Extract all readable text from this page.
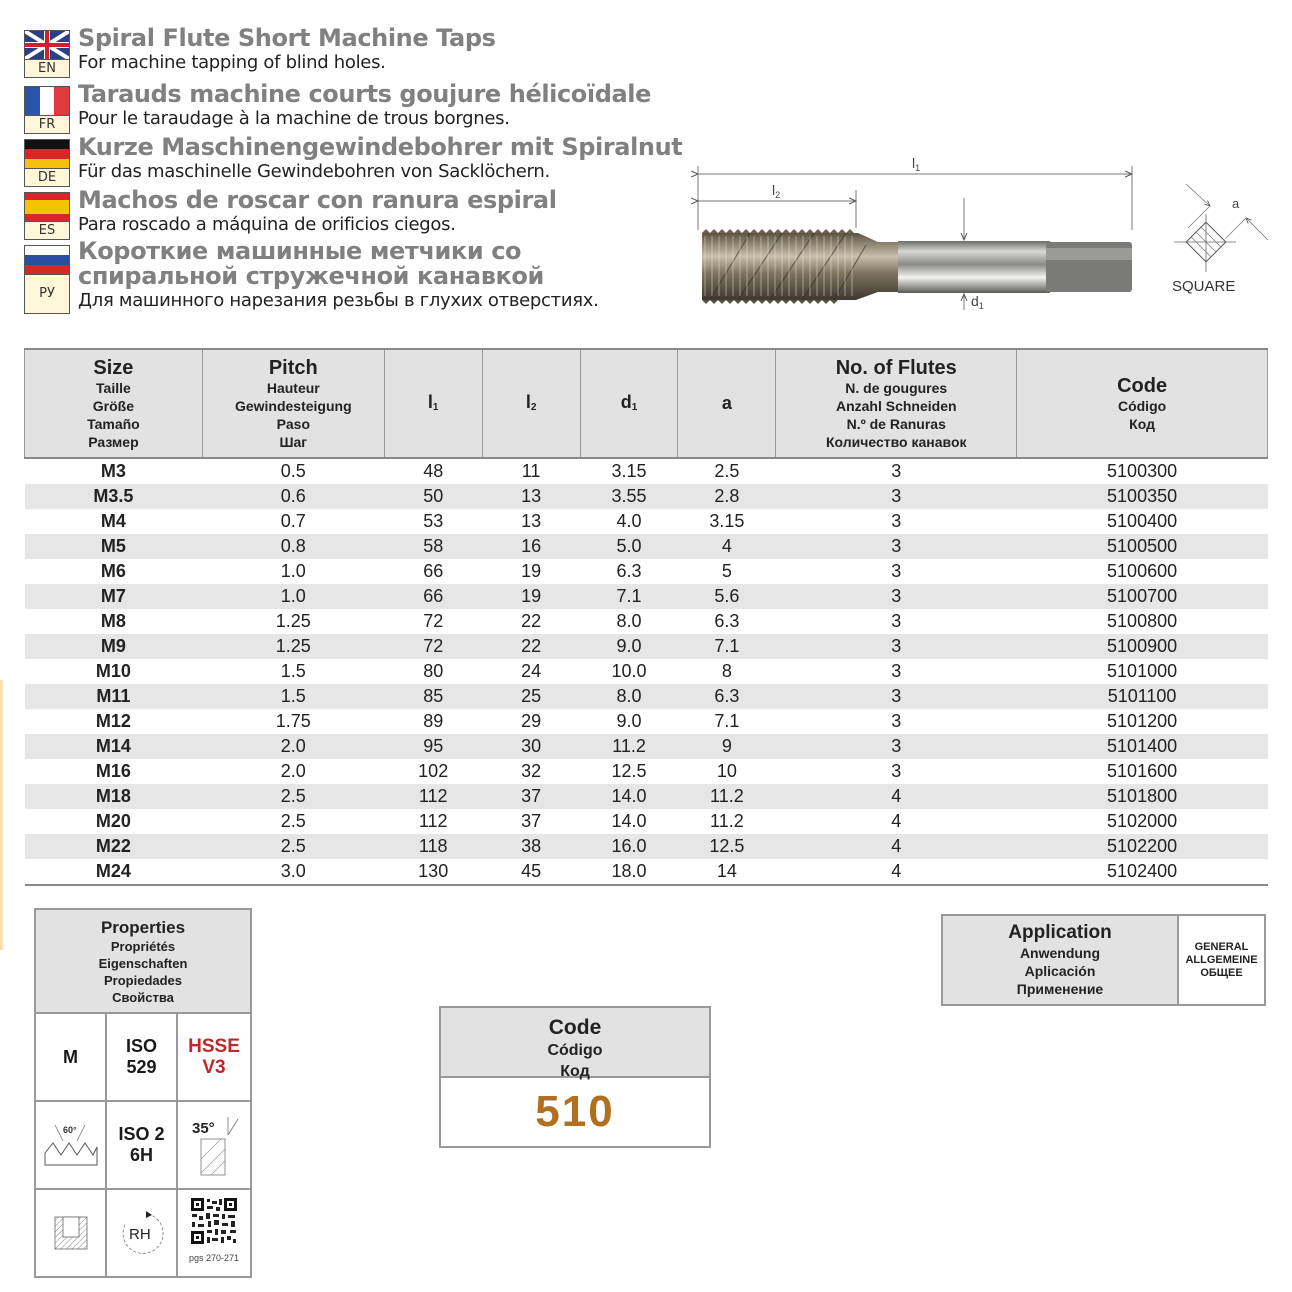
EN
Spiral Flute Short Machine Taps
For machine tapping of blind holes.
FR
Tarauds machine courts goujure hélicoïdale
Pour le taraudage à la machine de trous borgnes.
DE
Kurze Maschinengewindebohrer mit Spiralnut
Für das maschinelle Gewindebohren von Sacklöchern.
ES
Machos de roscar con ranura espiral
Para roscado a máquina de orificios ciegos.
РУ
Короткие машинные метчики со
спиральной стружечной канавкой
Для машинного нарезания резьбы в глухих отверстиях.
$l_1$
$l_2$
$d_1$
a
SQUARE
Size
Taille
Größe
Tamaño
Размер	Pitch
Hauteur
Gewindesteigung
Paso
Шаг	$l_1$	$l_2$	$d_1$	a	No. of Flutes
N. de gougures
Anzahl Schneiden
N.º de Ranuras
Количество канавок	Code
Código
Код

M3	0.5	48	11	3.15	2.5	3	5100300
M3.5	0.6	50	13	3.55	2.8	3	5100350
M4	0.7	53	13	4.0	3.15	3	5100400
M5	0.8	58	16	5.0	4	3	5100500
M6	1.0	66	19	6.3	5	3	5100600
M7	1.0	66	19	7.1	5.6	3	5100700
M8	1.25	72	22	8.0	6.3	3	5100800
M9	1.25	72	22	9.0	7.1	3	5100900
M10	1.5	80	24	10.0	8	3	5101000
M11	1.5	85	25	8.0	6.3	3	5101100
M12	1.75	89	29	9.0	7.1	3	5101200
M14	2.0	95	30	11.2	9	3	5101400
M16	2.0	102	32	12.5	10	3	5101600
M18	2.5	112	37	14.0	11.2	4	5101800
M20	2.5	112	37	14.0	11.2	4	5102000
M22	2.5	118	38	16.0	12.5	4	5102200
M24	3.0	130	45	18.0	14	4	5102400
Properties
Propriétés
Eigenschaften
Propiedades
Свойства
M
ISO
529
HSSE
V3
60° ISO 2
6H
35°
RH
pgs 270-271
Code
Código
Код
510
Application
Anwendung
Aplicación
Применение
GENERAL
ALLGEMEINE
ОБЩЕЕ
